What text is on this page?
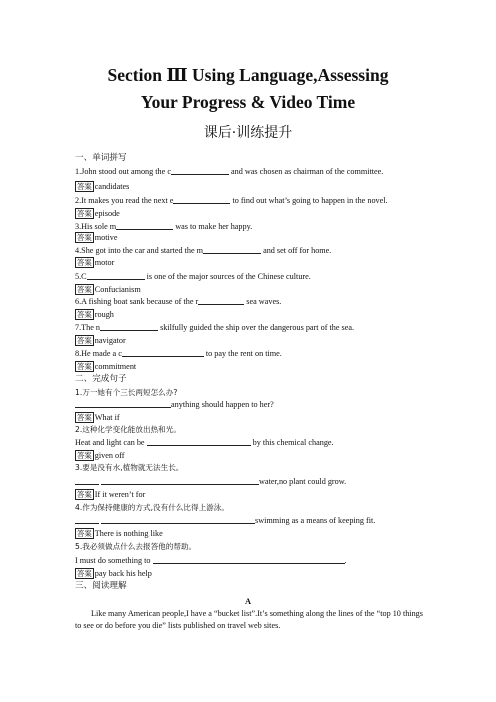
Section Ⅲ Using Language,Assessing
Your Progress & Video Time
课后·训练提升
一、单词拼写
1.John stood out among the c	and was chosen as chairman of the committee.
答案 candidates
2.It makes you read the next e	to find out what’s going to happen in the novel.
答案 episode
3.His sole m	was to make her happy.
答案 motive
4.She got into the car and started the m	and set off for home.
答案 motor
5.C	is one of the major sources of the Chinese culture.
答案 Confucianism
6.A fishing boat sank because of the r	sea waves.
答案 rough
7.The n	skilfully guided the ship over the dangerous part of the sea.
答案 navigator
8.He made a c	to pay the rent on time.
答案 commitment
二、完成句子
1.万一她有个三长两短怎么办?
anything should happen to her?
答案 What if
2.这种化学变化能放出热和光。
Heat and light can be	by this chemical change.
答案 given off
3.要是没有水,植物就无法生长。
water,no plant could grow.
答案 If it weren’t for
4.作为保持健康的方式,没有什么比得上游泳。
swimming as a means of keeping fit.
答案 There is nothing like
5.我必须做点什么去报答他的帮助。
I must do something to	.
答案 pay back his help
三、阅读理解
A
Like many American people,I have a “bucket list”.It’s something along the lines of the “top 10 things to see or do before you die” lists published on travel web sites.
